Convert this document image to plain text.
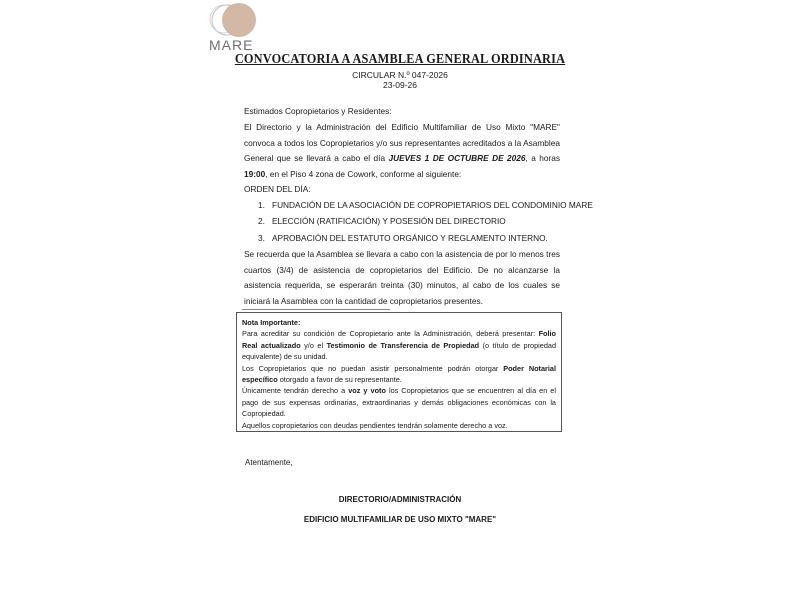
MARE
CONVOCATORIA A ASAMBLEA GENERAL ORDINARIA
CIRCULAR N.º 047-2026
23-09-26
Estimados Copropietarios y Residentes:
El Directorio y la Administración del Edificio Multifamiliar de Uso Mixto "MARE" convoca a todos los Copropietarios y/o sus representantes acreditados a la Asamblea General que se llevará a cabo el día JUEVES 1 DE OCTUBRE DE 2026, a horas 19:00, en el Piso 4 zona de Cowork, conforme al siguiente:
ORDEN DEL DÍA:
1. FUNDACIÓN DE LA ASOCIACIÓN DE COPROPIETARIOS DEL CONDOMINIO MARE
2. ELECCIÓN (RATIFICACIÓN) Y POSESIÓN DEL DIRECTORIO
3. APROBACIÓN DEL ESTATUTO ORGÁNICO Y REGLAMENTO INTERNO.
Se recuerda que la Asamblea se llevara a cabo con la asistencia de por lo menos tres cuartos (3/4) de asistencia de copropietarios del Edificio. De no alcanzarse la asistencia requerida, se esperarán treinta (30) minutos, al cabo de los cuales se iniciará la Asamblea con la cantidad de copropietarios presentes.

Nota Importante:

Para acreditar su condición de Copropietario ante la Administración, deberá presentar: Folio Real actualizado y/o el Testimonio de Transferencia de Propiedad (o título de propiedad equivalente) de su unidad.

Los Copropietarios que no puedan asistir personalmente podrán otorgar Poder Notarial específico otorgado a favor de su representante.

Únicamente tendrán derecho a voz y voto los Copropietarios que se encuentren al día en el pago de sus expensas ordinarias, extraordinarias y demás obligaciones económicas con la Copropiedad.

Aquellos copropietarios con deudas pendientes tendrán solamente derecho a voz.

Atentamente,
DIRECTORIO/ADMINISTRACIÓN
EDIFICIO MULTIFAMILIAR DE USO MIXTO "MARE"
